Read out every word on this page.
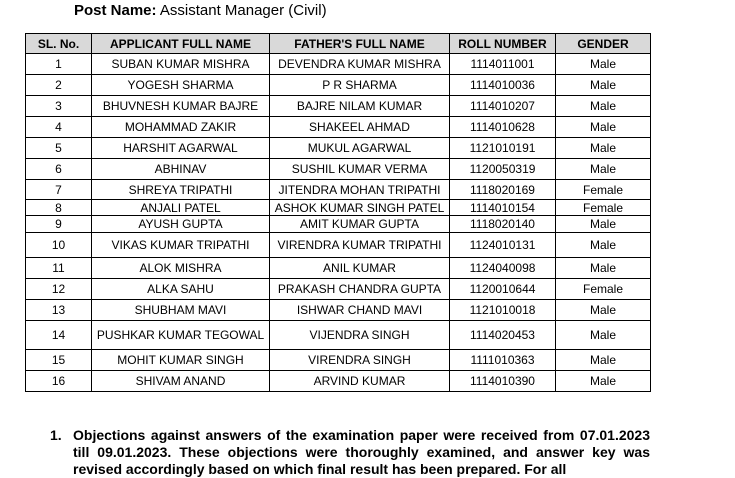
Post Name: Assistant Manager (Civil)
SL. No.	APPLICANT FULL NAME	FATHER'S FULL NAME	ROLL NUMBER	GENDER
1	SUBAN KUMAR MISHRA	DEVENDRA KUMAR MISHRA	1114011001	Male
2	YOGESH SHARMA	P R SHARMA	1114010036	Male
3	BHUVNESH KUMAR BAJRE	BAJRE NILAM KUMAR	1114010207	Male
4	MOHAMMAD ZAKIR	SHAKEEL AHMAD	1114010628	Male
5	HARSHIT AGARWAL	MUKUL AGARWAL	1121010191	Male
6	ABHINAV	SUSHIL KUMAR VERMA	1120050319	Male
7	SHREYA TRIPATHI	JITENDRA MOHAN TRIPATHI	1118020169	Female
8	ANJALI PATEL	ASHOK KUMAR SINGH PATEL	1114010154	Female
9	AYUSH GUPTA	AMIT KUMAR GUPTA	1118020140	Male
10	VIKAS KUMAR TRIPATHI	VIRENDRA KUMAR TRIPATHI	1124010131	Male
11	ALOK MISHRA	ANIL KUMAR	1124040098	Male
12	ALKA SAHU	PRAKASH CHANDRA GUPTA	1120010644	Female
13	SHUBHAM MAVI	ISHWAR CHAND MAVI	1121010018	Male
14	PUSHKAR KUMAR TEGOWAL	VIJENDRA SINGH	1114020453	Male
15	MOHIT KUMAR SINGH	VIRENDRA SINGH	1111010363	Male
16	SHIVAM ANAND	ARVIND KUMAR	1114010390	Male
1. Objections against answers of the examination paper were received from 07.01.2023 till 09.01.2023. These objections were thoroughly examined, and answer key was revised accordingly based on which final result has been prepared. For all
